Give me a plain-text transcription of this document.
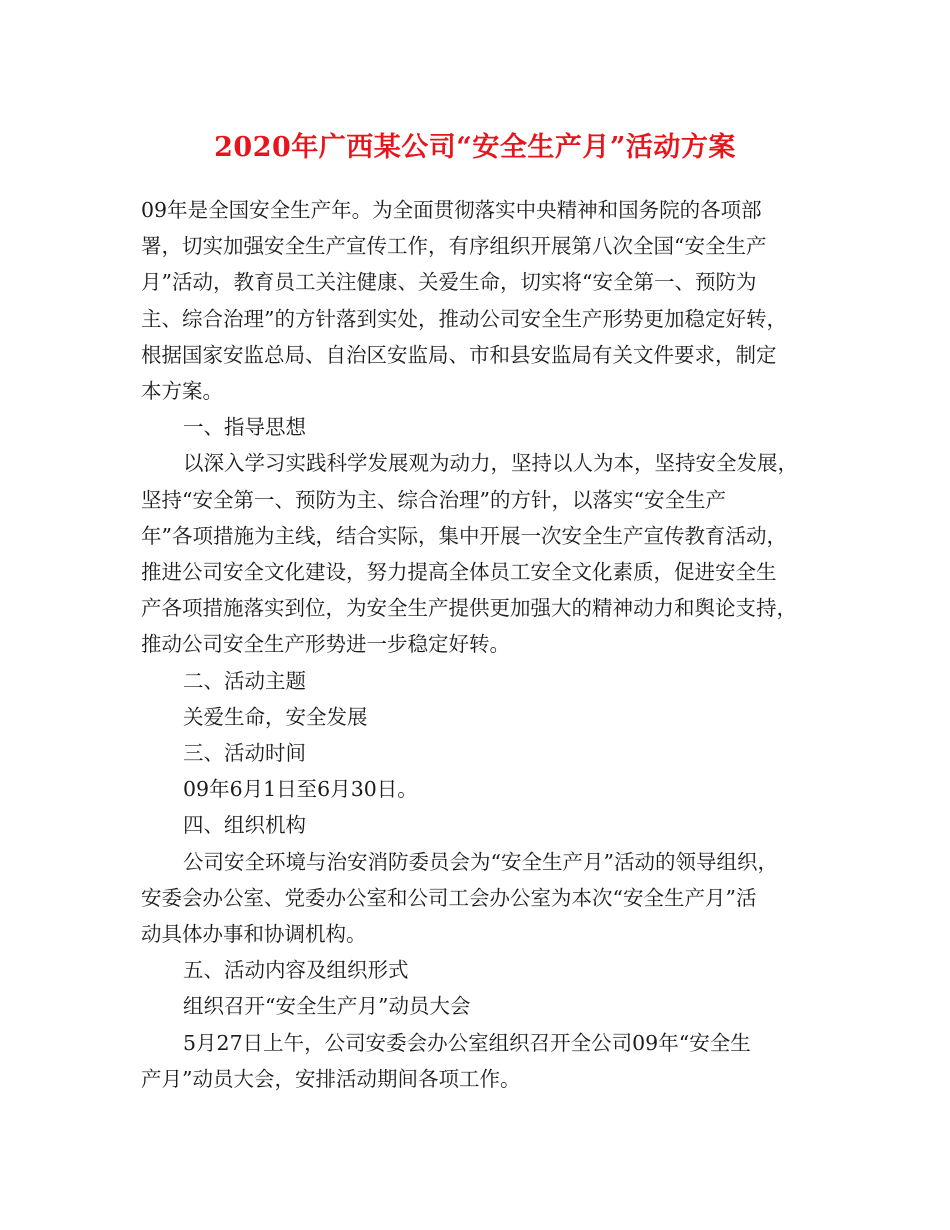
2020年广西某公司“安全生产月”活动方案
09年是全国安全生产年。为全面贯彻落实中央精神和国务院的各项部
署，切实加强安全生产宣传工作，有序组织开展第八次全国“安全生产
月”活动，教育员工关注健康、关爱生命，切实将“安全第一、预防为
主、综合治理”的方针落到实处，推动公司安全生产形势更加稳定好转，
根据国家安监总局、自治区安监局、市和县安监局有关文件要求，制定
本方案。
一、指导思想
以深入学习实践科学发展观为动力，坚持以人为本，坚持安全发展，
坚持“安全第一、预防为主、综合治理”的方针，以落实“安全生产
年”各项措施为主线，结合实际，集中开展一次安全生产宣传教育活动，
推进公司安全文化建设，努力提高全体员工安全文化素质，促进安全生
产各项措施落实到位，为安全生产提供更加强大的精神动力和舆论支持，
推动公司安全生产形势进一步稳定好转。
二、活动主题
关爱生命，安全发展
三、活动时间
09年6月1日至6月30日。
四、组织机构
公司安全环境与治安消防委员会为“安全生产月”活动的领导组织，
安委会办公室、党委办公室和公司工会办公室为本次“安全生产月”活
动具体办事和协调机构。
五、活动内容及组织形式
组织召开“安全生产月”动员大会
5月27日上午，公司安委会办公室组织召开全公司09年“安全生
产月”动员大会，安排活动期间各项工作。
